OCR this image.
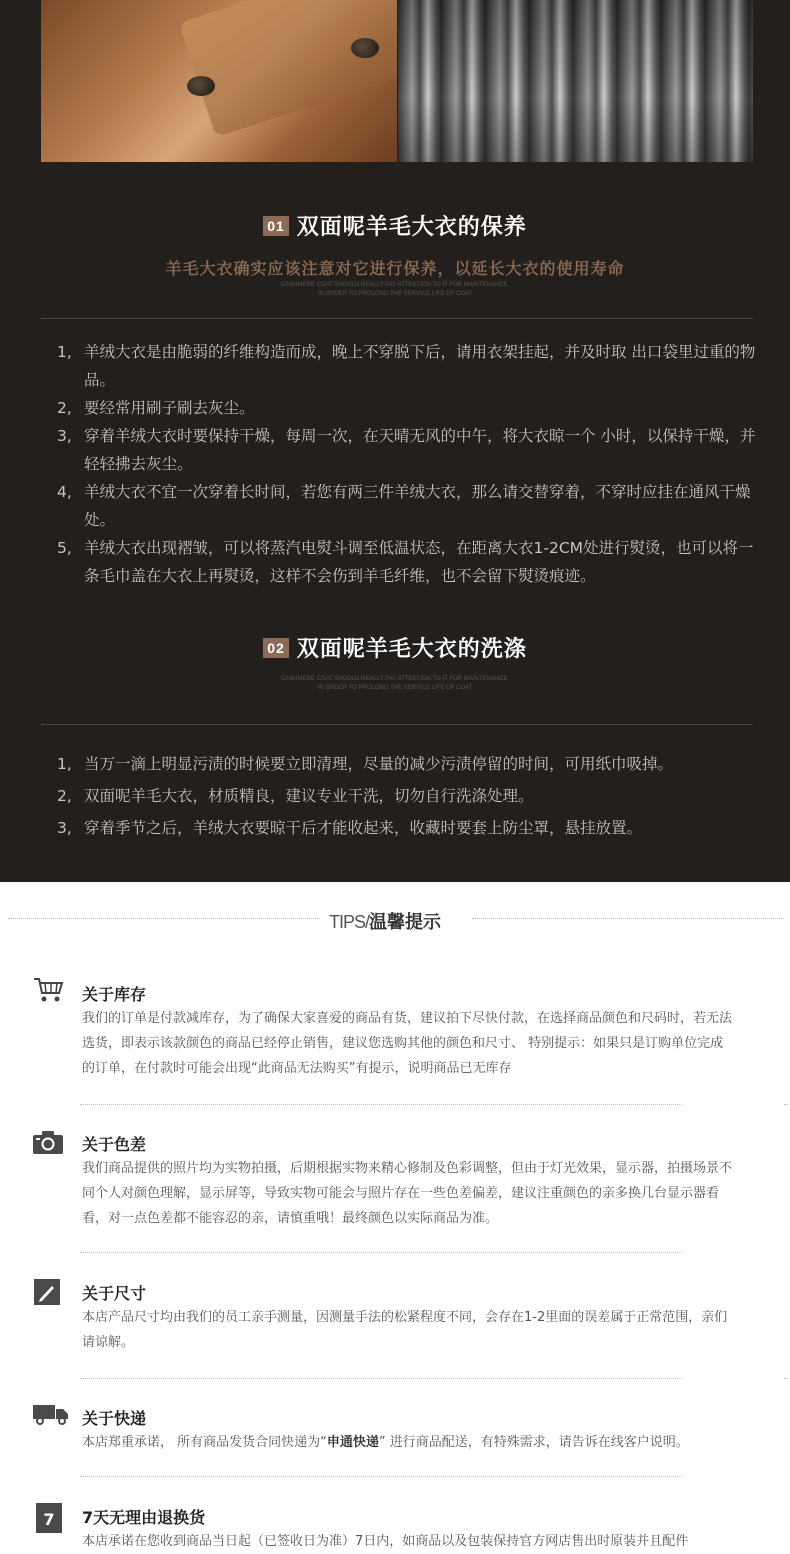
01 双面呢羊毛大衣的保养
羊毛大衣确实应该注意对它进行保养，以延长大衣的使用寿命
CASHMERE COAT SHOULD REALLY PAY ATTENTION TO IT FOR MAINTENANCE,
IN ORDER TO PROLONG THE SERVICE LIFE OF COAT
1, 羊绒大衣是由脆弱的纤维构造而成，晚上不穿脱下后，请用衣架挂起，并及时取 出口袋里过重的物品。
2, 要经常用刷子刷去灰尘。
3, 穿着羊绒大衣时要保持干燥，每周一次，在天晴无风的中午，将大衣晾一个 小时，以保持干燥，并轻轻拂去灰尘。
4, 羊绒大衣不宜一次穿着长时间，若您有两三件羊绒大衣，那么请交替穿着，不穿时应挂在通风干燥处。
5, 羊绒大衣出现褶皱，可以将蒸汽电熨斗调至低温状态，在距离大衣1-2CM处进行熨烫，也可以将一条毛巾盖在大衣上再熨烫，这样不会伤到羊毛纤维，也不会留下熨烫痕迹。
02 双面呢羊毛大衣的洗涤
CASHMERE COAT SHOULD REALLY PAY ATTENTION TO IT FOR MAINTENANCE,
IN ORDER TO PROLONG THE SERVICE LIFE OF COAT
1, 当万一滴上明显污渍的时候要立即清理，尽量的减少污渍停留的时间，可用纸巾吸掉。
2, 双面呢羊毛大衣，材质精良，建议专业干洗，切勿自行洗涤处理。
3, 穿着季节之后，羊绒大衣要晾干后才能收起来，收藏时要套上防尘罩，悬挂放置。
TIPS/温馨提示
关于库存
我们的订单是付款减库存，为了确保大家喜爱的商品有货，建议拍下尽快付款，在选择商品颜色和尺码时，若无法选货，即表示该款颜色的商品已经停止销售，建议您选购其他的颜色和尺寸、 特别提示：如果只是订购单位完成的订单，在付款时可能会出现“此商品无法购买”有提示，说明商品已无库存
关于色差
我们商品提供的照片均为实物拍摄，后期根据实物来精心修制及色彩调整，但由于灯光效果，显示器，拍摄场景不同个人对颜色理解，显示屏等，导致实物可能会与照片存在一些色差偏差，建议注重颜色的亲多换几台显示器看看，对一点色差都不能容忍的亲，请慎重哦！最终颜色以实际商品为准。
关于尺寸
本店产品尺寸均由我们的员工亲手测量，因测量手法的松紧程度不同，会存在1-2里面的误差属于正常范围，亲们请谅解。
关于快递
本店郑重承诺， 所有商品发货合同快递为“申通快递” 进行商品配送，有特殊需求，请告诉在线客户说明。
7	7天无理由退换货
本店承诺在您收到商品当日起（已签收日为准）7日内，如商品以及包装保持官方网店售出时原装并且配件
